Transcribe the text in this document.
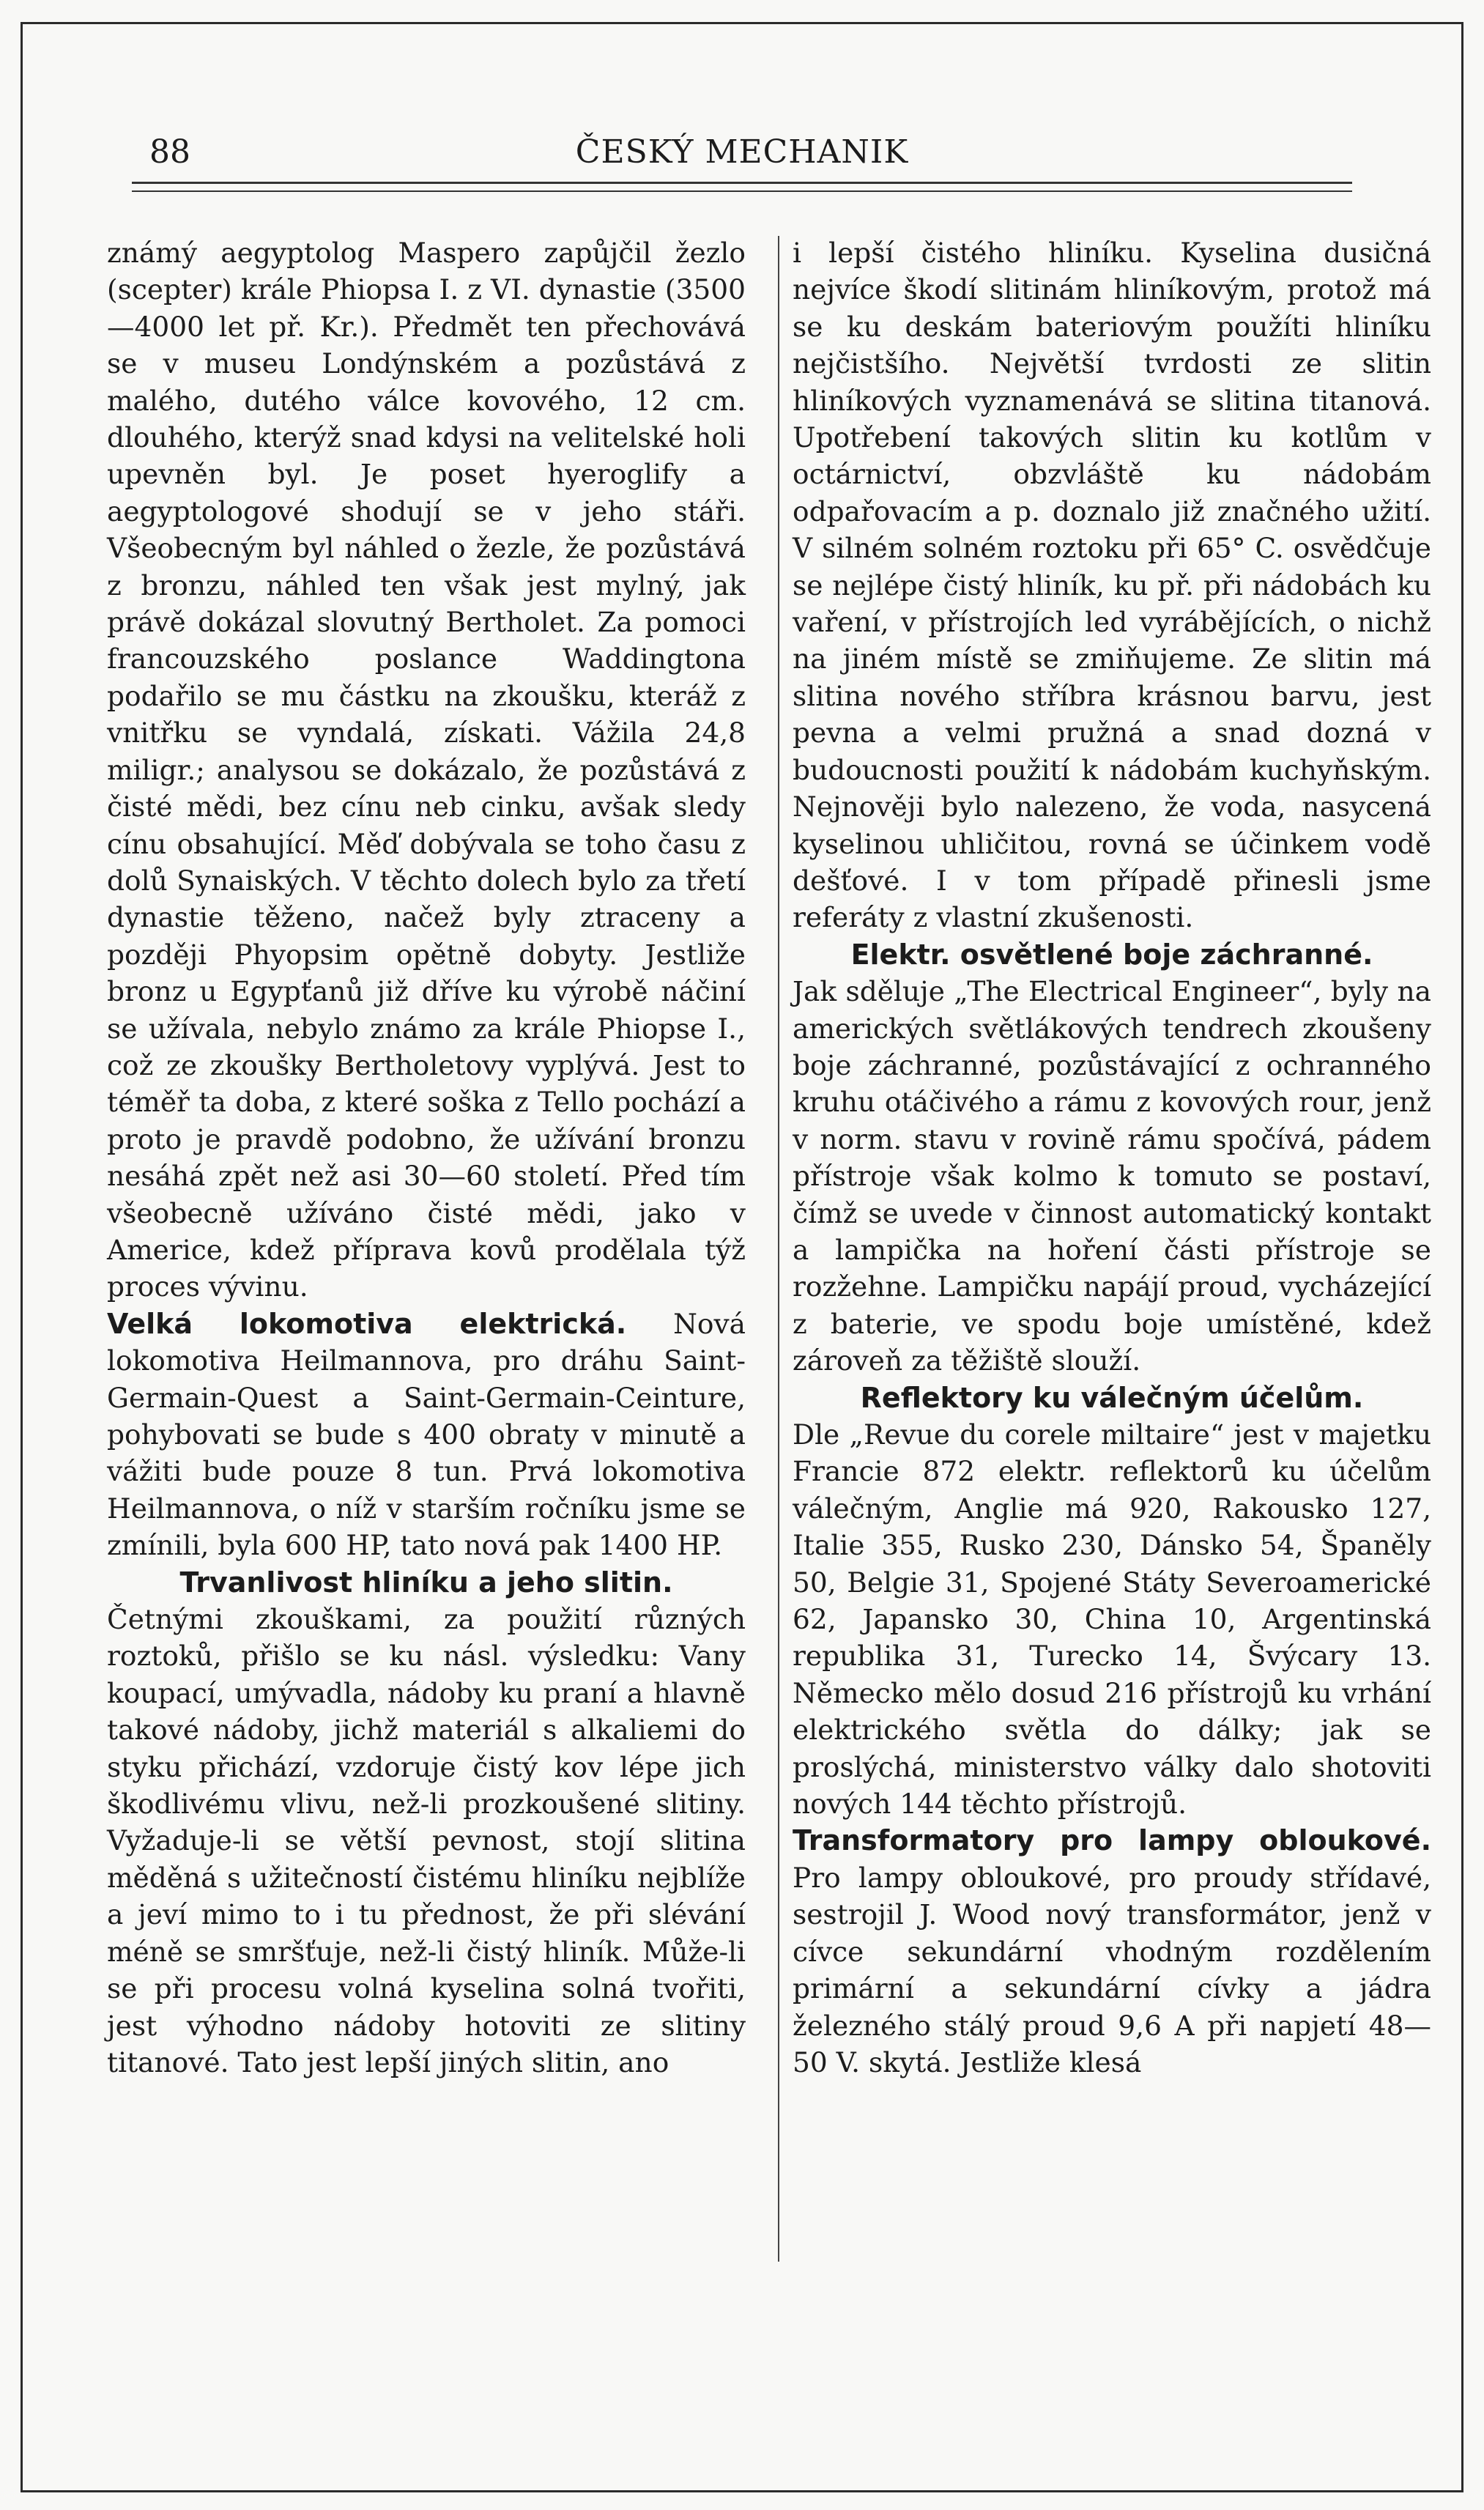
88	ČESKÝ MECHANIK

známý aegyptolog Maspero zapůjčil žezlo (scepter) krále Phiopsa I. z VI. dynastie (3500—4000 let př. Kr.). Předmět ten přechovává se v museu Londýnském a pozůstává z malého, dutého válce kovového, 12 cm. dlouhého, kterýž snad kdysi na velitelské holi upevněn byl. Je poset hyeroglify a aegyptologové shodují se v jeho stáři. Všeobecným byl náhled o žezle, že pozůstává z bronzu, náhled ten však jest mylný, jak právě dokázal slovutný Bertholet. Za pomoci francouzského poslance Waddingtona podařilo se mu částku na zkoušku, kteráž z vnitřku se vyndalá, získati. Vážila 24,8 miligr.; analysou se dokázalo, že pozůstává z čisté mědi, bez cínu neb cinku, avšak sledy cínu obsahující. Měď dobývala se toho času z dolů Synaiských. V těchto dolech bylo za třetí dynastie těženo, načež byly ztraceny a později Phyopsim opětně dobyty. Jestliže bronz u Egypťanů již dříve ku výrobě náčiní se užívala, nebylo známo za krále Phiopse I., což ze zkoušky Bertholetovy vyplývá. Jest to téměř ta doba, z které soška z Tello pochází a proto je pravdě podobno, že užívání bronzu nesáhá zpět než asi 30—60 století. Před tím všeobecně užíváno čisté mědi, jako v Americe, kdež příprava kovů prodělala týž proces vývinu.

Velká lokomotiva elektrická. Nová lokomotiva Heilmannova, pro dráhu Saint-Germain-Quest a Saint-Germain-Ceinture, pohybovati se bude s 400 obraty v minutě a vážiti bude pouze 8 tun. Prvá lokomotiva Heilmannova, o níž v starším ročníku jsme se zmínili, byla 600 HP, tato nová pak 1400 HP.

Trvanlivost hliníku a jeho slitin.
Četnými zkouškami, za použití různých roztoků, přišlo se ku násl. výsledku: Vany koupací, umývadla, nádoby ku praní a hlavně takové nádoby, jichž materiál s alkaliemi do styku přichází, vzdoruje čistý kov lépe jich škodlivému vlivu, než-li prozkoušené slitiny. Vyžaduje-li se větší pevnost, stojí slitina měděná s užitečností čistému hliníku nejblíže a jeví mimo to i tu přednost, že při slévání méně se smršťuje, než-li čistý hliník. Může-li se při procesu volná kyselina solná tvořiti, jest výhodno nádoby hotoviti ze slitiny titanové. Tato jest lepší jiných slitin, ano

i lepší čistého hliníku. Kyselina dusičná nejvíce škodí slitinám hliníkovým, protož má se ku deskám bateriovým použíti hliníku nejčistšího. Největší tvrdosti ze slitin hliníkových vyznamenává se slitina titanová. Upotřebení takových slitin ku kotlům v octárnictví, obzvláště ku nádobám odpařovacím a p. doznalo již značného užití. V silném solném roztoku při 65° C. osvědčuje se nejlépe čistý hliník, ku př. při nádobách ku vaření, v přístrojích led vyrábějících, o nichž na jiném místě se zmiňujeme. Ze slitin má slitina nového stříbra krásnou barvu, jest pevna a velmi pružná a snad dozná v budoucnosti použití k nádobám kuchyňským. Nejnověji bylo nalezeno, že voda, nasycená kyselinou uhličitou, rovná se účinkem vodě dešťové. I v tom případě přinesli jsme referáty z vlastní zkušenosti.

Elektr. osvětlené boje záchranné.
Jak sděluje „The Electrical Engineer“, byly na amerických světlákových tendrech zkoušeny boje záchranné, pozůstávající z ochranného kruhu otáčivého a rámu z kovových rour, jenž v norm. stavu v rovině rámu spočívá, pádem přístroje však kolmo k tomuto se postaví, čímž se uvede v činnost automatický kontakt a lampička na hoření části přístroje se rozžehne. Lampičku napájí proud, vycházející z baterie, ve spodu boje umístěné, kdež zároveň za těžiště slouží.

Reflektory ku válečným účelům.
Dle „Revue du corele miltaire“ jest v majetku Francie 872 elektr. reflektorů ku účelům válečným, Anglie má 920, Rakousko 127, Italie 355, Rusko 230, Dánsko 54, Španěly 50, Belgie 31, Spojené Státy Severoamerické 62, Japansko 30, China 10, Argentinská republika 31, Turecko 14, Švýcary 13. Německo mělo dosud 216 přístrojů ku vrhání elektrického světla do dálky; jak se proslýchá, ministerstvo války dalo shotoviti nových 144 těchto přístrojů.

Transformatory pro lampy obloukové. Pro lampy obloukové, pro proudy střídavé, sestrojil J. Wood nový transformátor, jenž v cívce sekundární vhodným rozdělením primární a sekundární cívky a jádra železného stálý proud 9,6 A při napjetí 48—50 V. skytá. Jestliže klesá
